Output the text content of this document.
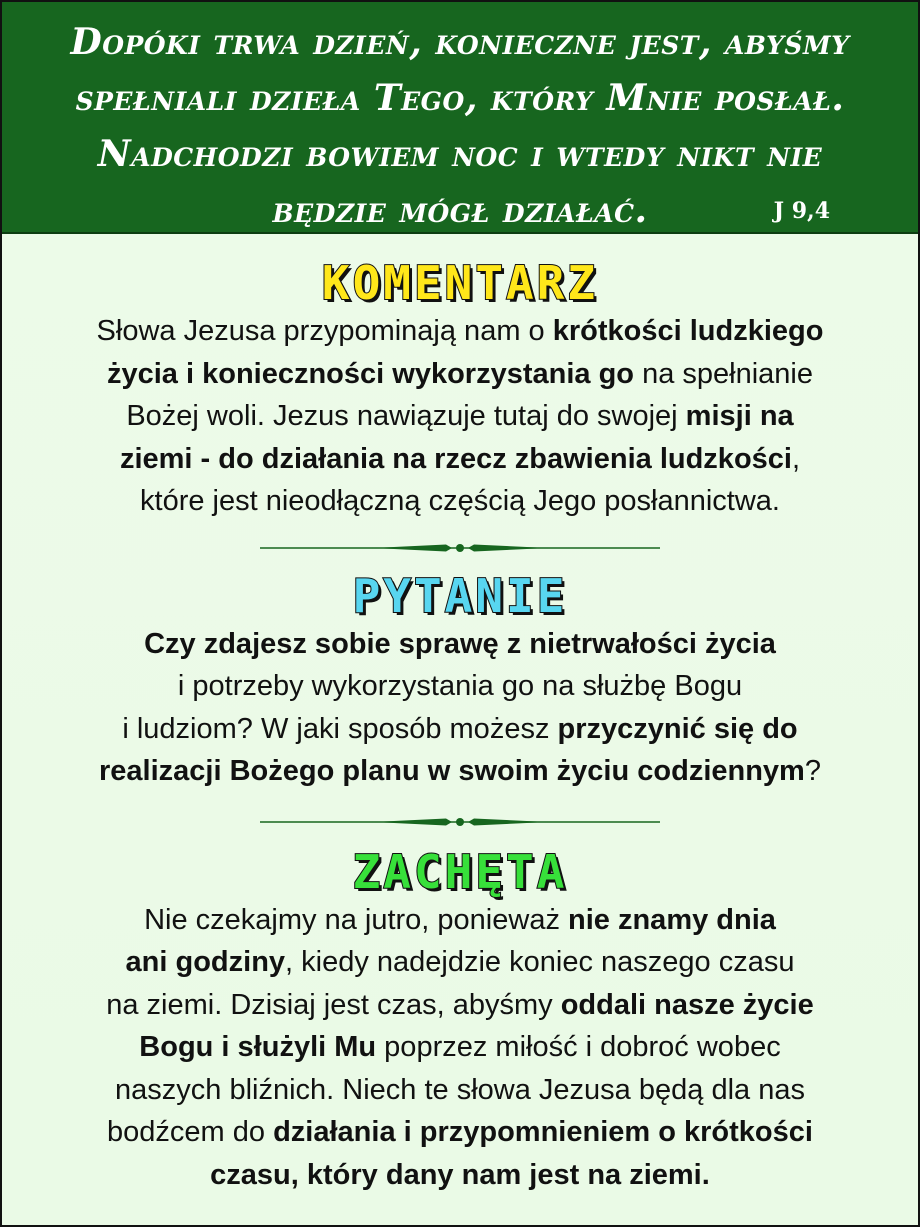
Dopóki trwa dzień, konieczne jest, abyśmy
spełniali dzieła Tego, który Mnie posłał.
Nadchodzi bowiem noc i wtedy nikt nie
będzie mógł działać.	J 9,4
KOMENTARZ
Słowa Jezusa przypominają nam o krótkości ludzkiego
życia i konieczności wykorzystania go na spełnianie
Bożej woli. Jezus nawiązuje tutaj do swojej misji na
ziemi - do działania na rzecz zbawienia ludzkości,
które jest nieodłączną częścią Jego posłannictwa.
PYTANIE
Czy zdajesz sobie sprawę z nietrwałości życia
i potrzeby wykorzystania go na służbę Bogu
i ludziom? W jaki sposób możesz przyczynić się do
realizacji Bożego planu w swoim życiu codziennym?
ZACHĘTA
Nie czekajmy na jutro, ponieważ nie znamy dnia
ani godziny, kiedy nadejdzie koniec naszego czasu
na ziemi. Dzisiaj jest czas, abyśmy oddali nasze życie
Bogu i służyli Mu poprzez miłość i dobroć wobec
naszych bliźnich. Niech te słowa Jezusa będą dla nas
bodźcem do działania i przypomnieniem o krótkości
czasu, który dany nam jest na ziemi.
